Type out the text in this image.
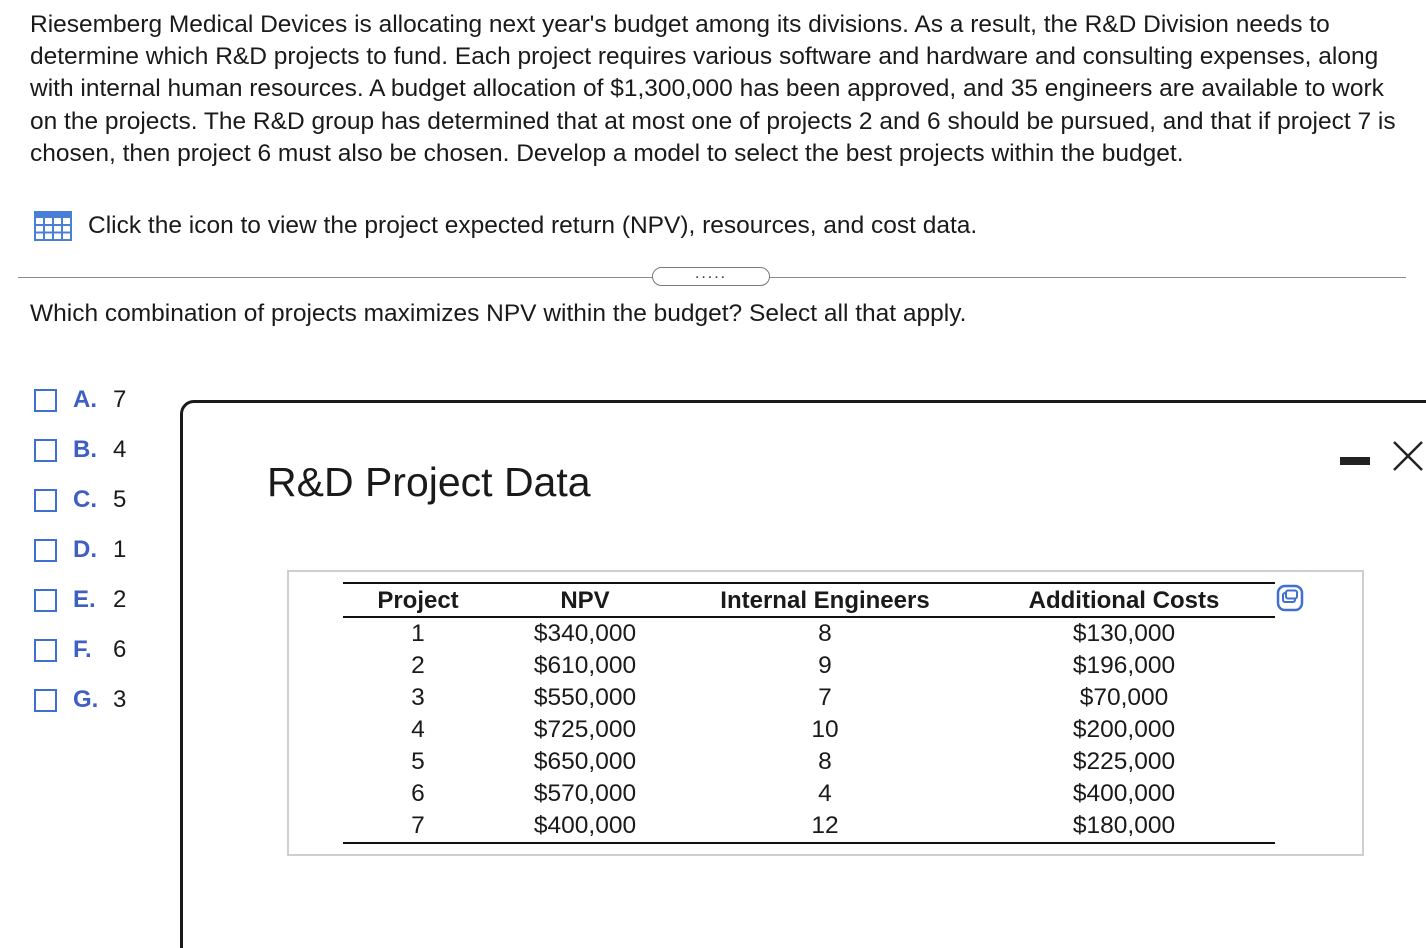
Riesemberg Medical Devices is allocating next year's budget among its divisions. As a result, the R&D Division needs to determine which R&D projects to fund. Each project requires various software and hardware and consulting expenses, along with internal human resources. A budget allocation of $1,300,000 has been approved, and 35 engineers are available to work on the projects. The R&D group has determined that at most one of projects 2 and 6 should be pursued, and that if project 7 is chosen, then project 6 must also be chosen. Develop a model to select the best projects within the budget.
Click the icon to view the project expected return (NPV), resources, and cost data.
.....
Which combination of projects maximizes NPV within the budget? Select all that apply.
A. 7
B. 4
C. 5
D. 1
E. 2
F. 6
G. 3
R&D Project Data
Project	NPV	Internal Engineers	Additional Costs
1	$340,000	8	$130,000
2	$610,000	9	$196,000
3	$550,000	7	$70,000
4	$725,000	10	$200,000
5	$650,000	8	$225,000
6	$570,000	4	$400,000
7	$400,000	12	$180,000
